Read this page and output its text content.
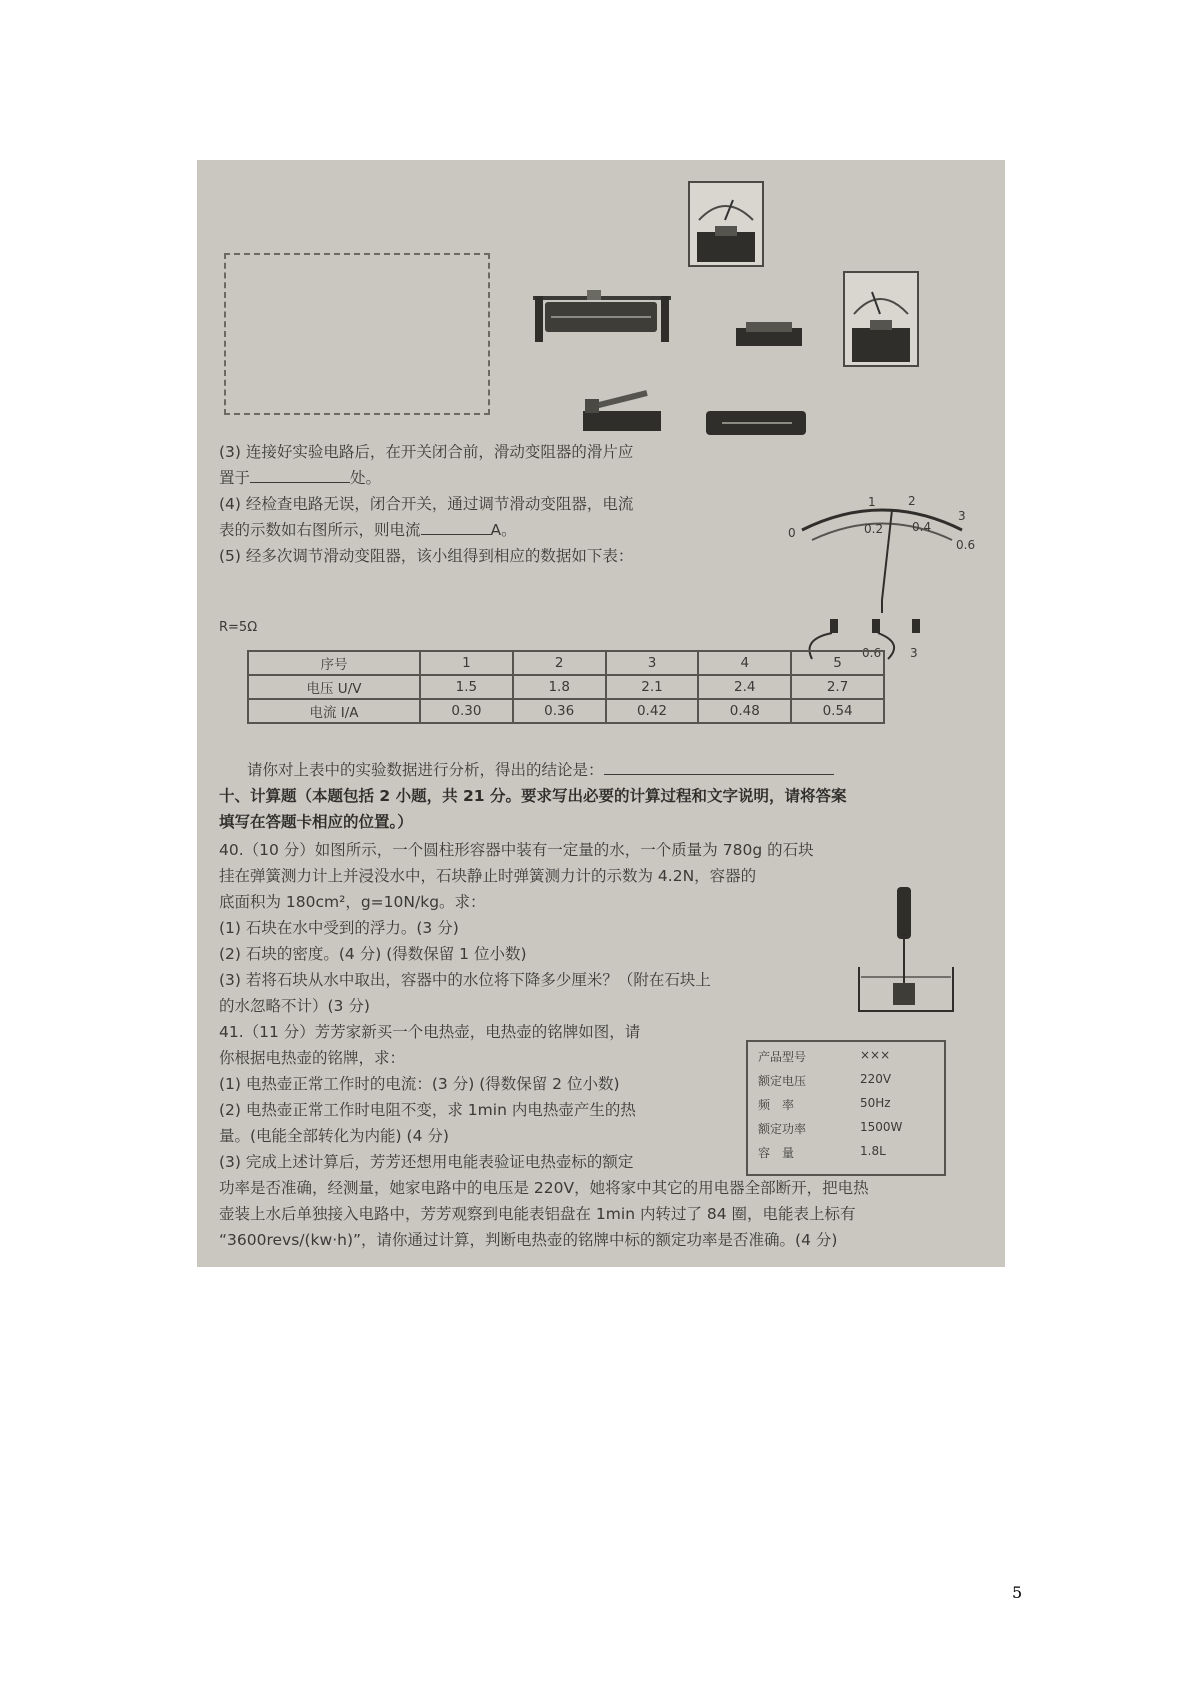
1	2
3
0.2 0.4
0
0.6
-	0.6 3
(3) 连接好实验电路后，在开关闭合前，滑动变阻器的滑片应
置于	处。
(4) 经检查电路无误，闭合开关，通过调节滑动变阻器，电流
表的示数如右图所示，则电流	A。
(5) 经多次调节滑动变阻器，该小组得到相应的数据如下表：
R=5Ω
序号	1	2	3	4	5
电压 U/V	1.5	1.8	2.1	2.4	2.7
电流 I/A	0.30	0.36	0.42	0.48	0.54
请你对上表中的实验数据进行分析，得出的结论是：
十、计算题（本题包括 2 小题，共 21 分。要求写出必要的计算过程和文字说明，请将答案
填写在答题卡相应的位置。）
40.（10 分）如图所示，一个圆柱形容器中装有一定量的水，一个质量为 780g 的石块
挂在弹簧测力计上并浸没水中，石块静止时弹簧测力计的示数为 4.2N，容器的
底面积为 180cm²，g=10N/kg。求：
(1) 石块在水中受到的浮力。(3 分)
(2) 石块的密度。(4 分) (得数保留 1 位小数)
(3) 若将石块从水中取出，容器中的水位将下降多少厘米？（附在石块上
的水忽略不计）(3 分)
41.（11 分）芳芳家新买一个电热壶，电热壶的铭牌如图，请
你根据电热壶的铭牌，求：
(1) 电热壶正常工作时的电流：(3 分) (得数保留 2 位小数)
(2) 电热壶正常工作时电阻不变，求 1min 内电热壶产生的热
量。(电能全部转化为内能) (4 分)
(3) 完成上述计算后，芳芳还想用电能表验证电热壶标的额定
功率是否准确，经测量，她家电路中的电压是 220V，她将家中其它的用电器全部断开，把电热
壶装上水后单独接入电路中，芳芳观察到电能表铝盘在 1min 内转过了 84 圈，电能表上标有
“3600revs/(kw·h)”，请你通过计算，判断电热壶的铭牌中标的额定功率是否准确。(4 分)
产品型号	×××
额定电压	220V
频　率	50Hz
额定功率	1500W
容　量	1.8L
5
